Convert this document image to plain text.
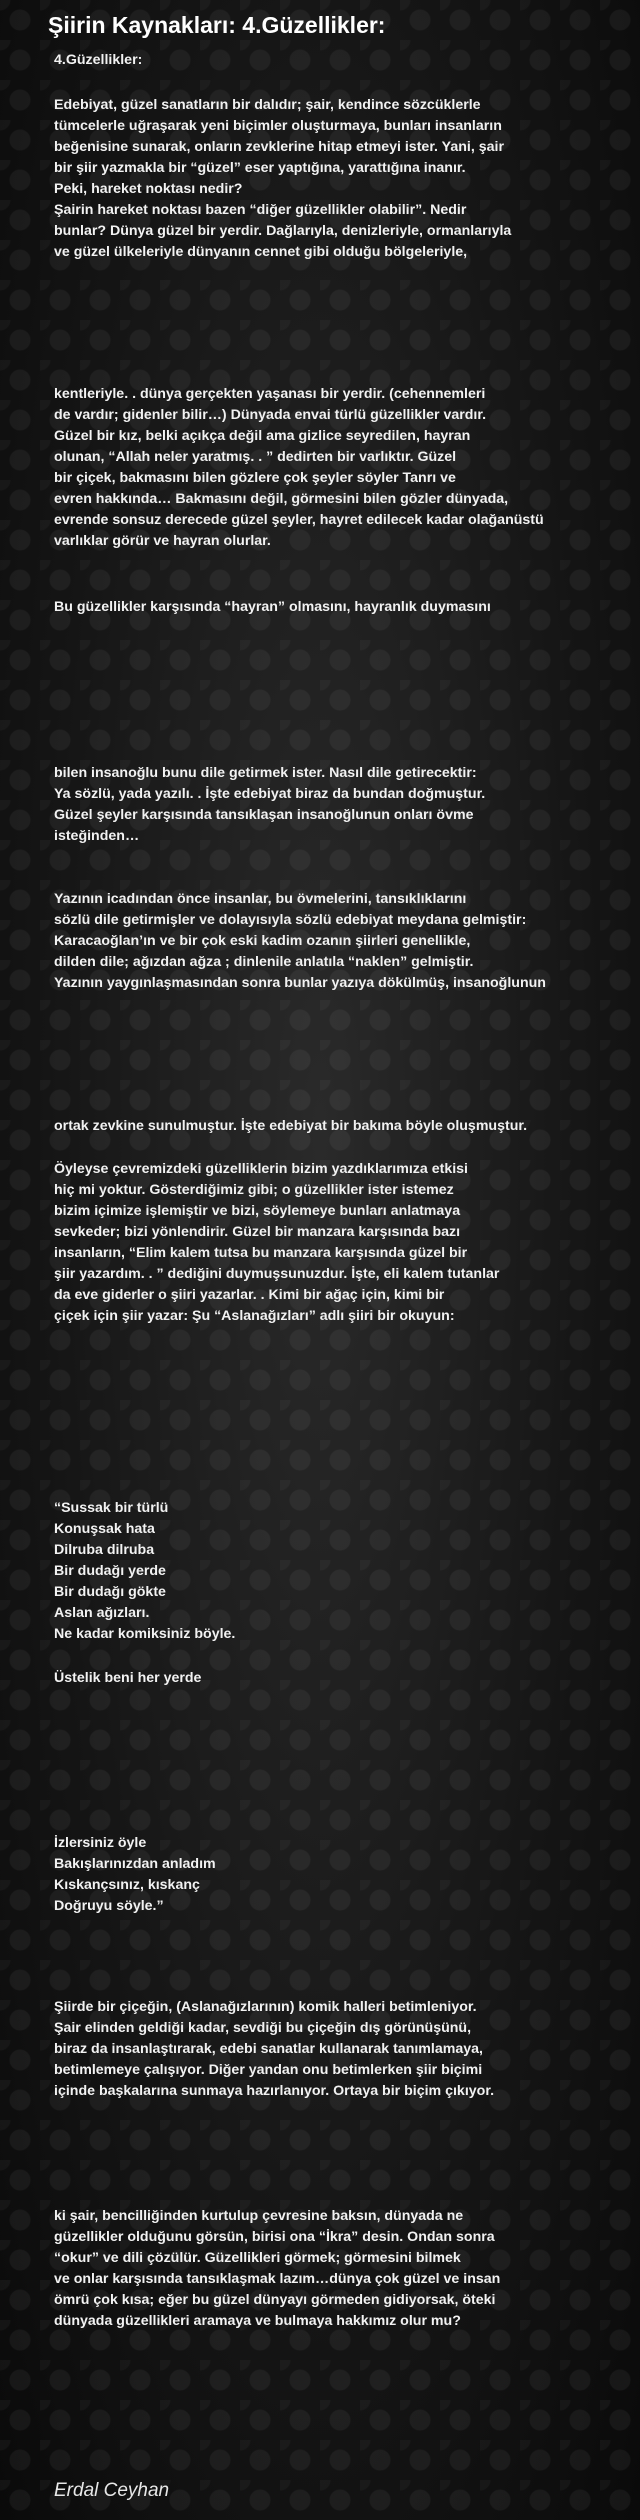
Şiirin Kaynakları: 4.Güzellikler:
4.Güzellikler:
Edebiyat, güzel sanatların bir dalıdır; şair, kendince sözcüklerle
tümcelerle uğraşarak yeni biçimler oluşturmaya, bunları insanların
beğenisine sunarak, onların zevklerine hitap etmeyi ister. Yani, şair
bir şiir yazmakla bir “güzel” eser yaptığına, yarattığına inanır.
Peki, hareket noktası nedir?
Şairin hareket noktası bazen “diğer güzellikler olabilir”. Nedir
bunlar? Dünya güzel bir yerdir. Dağlarıyla, denizleriyle, ormanlarıyla
ve güzel ülkeleriyle dünyanın cennet gibi olduğu bölgeleriyle,
kentleriyle. . dünya gerçekten yaşanası bir yerdir. (cehennemleri
de vardır; gidenler bilir…) Dünyada envai türlü güzellikler vardır.
Güzel bir kız, belki açıkça değil ama gizlice seyredilen, hayran
olunan, “Allah neler yaratmış. . ” dedirten bir varlıktır. Güzel
bir çiçek, bakmasını bilen gözlere çok şeyler söyler Tanrı ve
evren hakkında… Bakmasını değil, görmesini bilen gözler dünyada,
evrende sonsuz derecede güzel şeyler, hayret edilecek kadar olağanüstü
varlıklar görür ve hayran olurlar.
Bu güzellikler karşısında “hayran” olmasını, hayranlık duymasını
bilen insanoğlu bunu dile getirmek ister. Nasıl dile getirecektir:
Ya sözlü, yada yazılı. . İşte edebiyat biraz da bundan doğmuştur.
Güzel şeyler karşısında tansıklaşan insanoğlunun onları övme
isteğinden…
Yazının icadından önce insanlar, bu övmelerini, tansıklıklarını
sözlü dile getirmişler ve dolayısıyla sözlü edebiyat meydana gelmiştir:
Karacaoğlan’ın ve bir çok eski kadim ozanın şiirleri genellikle,
dilden dile; ağızdan ağza ; dinlenile anlatıla “naklen” gelmiştir.
Yazının yaygınlaşmasından sonra bunlar yazıya dökülmüş, insanoğlunun
ortak zevkine sunulmuştur. İşte edebiyat bir bakıma böyle oluşmuştur.
Öyleyse çevremizdeki güzelliklerin bizim yazdıklarımıza etkisi
hiç mi yoktur. Gösterdiğimiz gibi; o güzellikler ister istemez
bizim içimize işlemiştir ve bizi, söylemeye bunları anlatmaya
sevkeder; bizi yönlendirir. Güzel bir manzara karşısında bazı
insanların, “Elim kalem tutsa bu manzara karşısında güzel bir
şiir yazardım. . ” dediğini duymuşsunuzdur. İşte, eli kalem tutanlar
da eve giderler o şiiri yazarlar. . Kimi bir ağaç için, kimi bir
çiçek için şiir yazar: Şu “Aslanağızları” adlı şiiri bir okuyun:
“Sussak bir türlü
Konuşsak hata
Dilruba dilruba
Bir dudağı yerde
Bir dudağı gökte
Aslan ağızları.
Ne kadar komiksiniz böyle.
Üstelik beni her yerde
İzlersiniz öyle
Bakışlarınızdan anladım
Kıskançsınız, kıskanç
Doğruyu söyle.”
Şiirde bir çiçeğin, (Aslanağızlarının) komik halleri betimleniyor.
Şair elinden geldiği kadar, sevdiği bu çiçeğin dış görünüşünü,
biraz da insanlaştırarak, edebi sanatlar kullanarak tanımlamaya,
betimlemeye çalışıyor. Diğer yandan onu betimlerken şiir biçimi
içinde başkalarına sunmaya hazırlanıyor. Ortaya bir biçim çıkıyor.
ki şair, bencilliğinden kurtulup çevresine baksın, dünyada ne
güzellikler olduğunu görsün, birisi ona “İkra” desin. Ondan sonra
“okur” ve dili çözülür. Güzellikleri görmek; görmesini bilmek
ve onlar karşısında tansıklaşmak lazım…dünya çok güzel ve insan
ömrü çok kısa; eğer bu güzel dünyayı görmeden gidiyorsak, öteki
dünyada güzellikleri aramaya ve bulmaya hakkımız olur mu?
Erdal Ceyhan
